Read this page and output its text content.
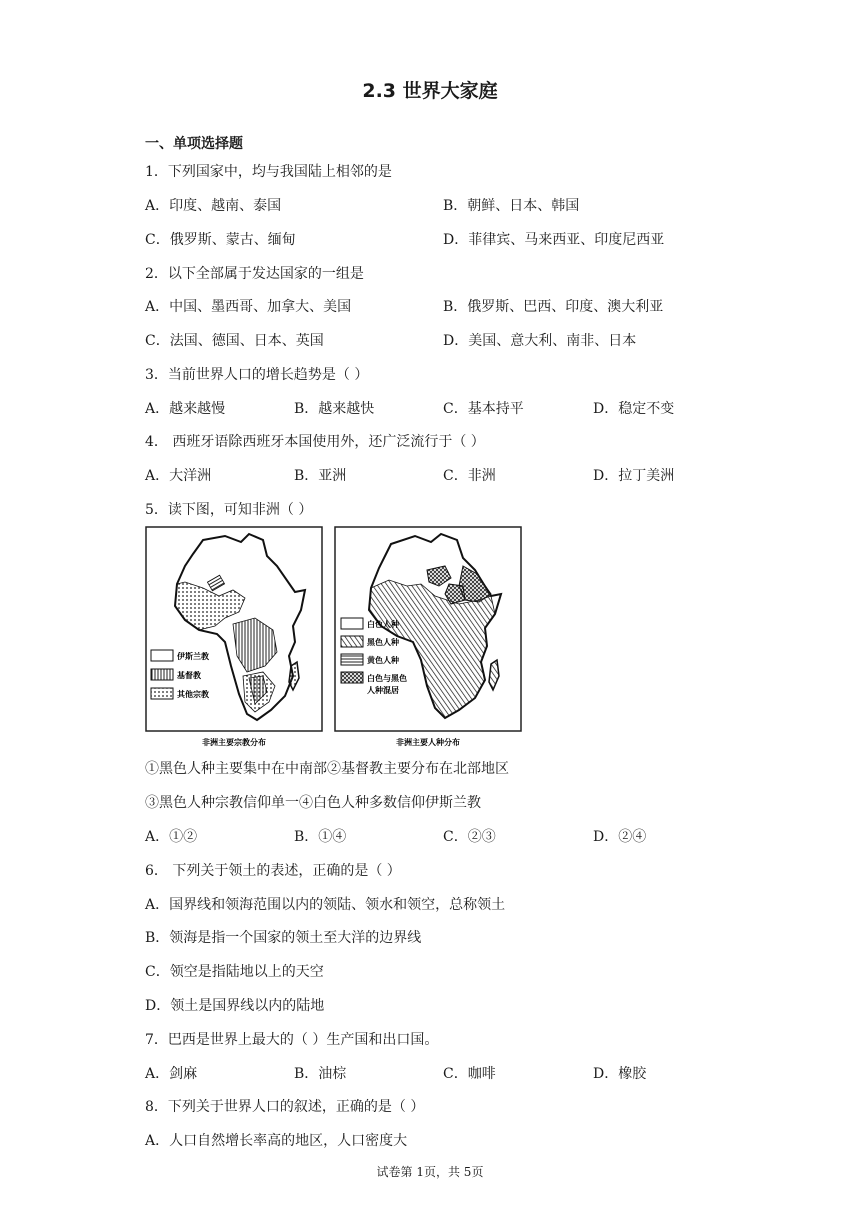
2.3 世界大家庭
一、单项选择题
1．下列国家中，均与我国陆上相邻的是
A．印度、越南、泰国	B．朝鲜、日本、韩国
C．俄罗斯、蒙古、缅甸	D．菲律宾、马来西亚、印度尼西亚
2．以下全部属于发达国家的一组是
A．中国、墨西哥、加拿大、美国	B．俄罗斯、巴西、印度、澳大利亚
C．法国、德国、日本、英国	D．美国、意大利、南非、日本
3．当前世界人口的增长趋势是（ ）
A．越来越慢	B．越来越快	C．基本持平	D．稳定不变
4． 西班牙语除西班牙本国使用外，还广泛流行于（ ）
A．大洋洲	B．亚洲	C．非洲	D．拉丁美洲
5．读下图，可知非洲（ ）
伊斯兰教
基督教
其他宗教
非洲主要宗教分布
白色人种
黑色人种
黄色人种
白色与黑色
人种混居
非洲主要人种分布
①黑色人种主要集中在中南部②基督教主要分布在北部地区
③黑色人种宗教信仰单一④白色人种多数信仰伊斯兰教
A．①②	B．①④	C．②③	D．②④
6． 下列关于领土的表述，正确的是（ ）
A．国界线和领海范围以内的领陆、领水和领空，总称领土
B．领海是指一个国家的领土至大洋的边界线
C．领空是指陆地以上的天空
D．领土是国界线以内的陆地
7．巴西是世界上最大的（ ）生产国和出口国。
A．剑麻	B．油棕	C．咖啡	D．橡胶
8．下列关于世界人口的叙述，正确的是（ ）
A．人口自然增长率高的地区，人口密度大
试卷第 1页，共 5页
